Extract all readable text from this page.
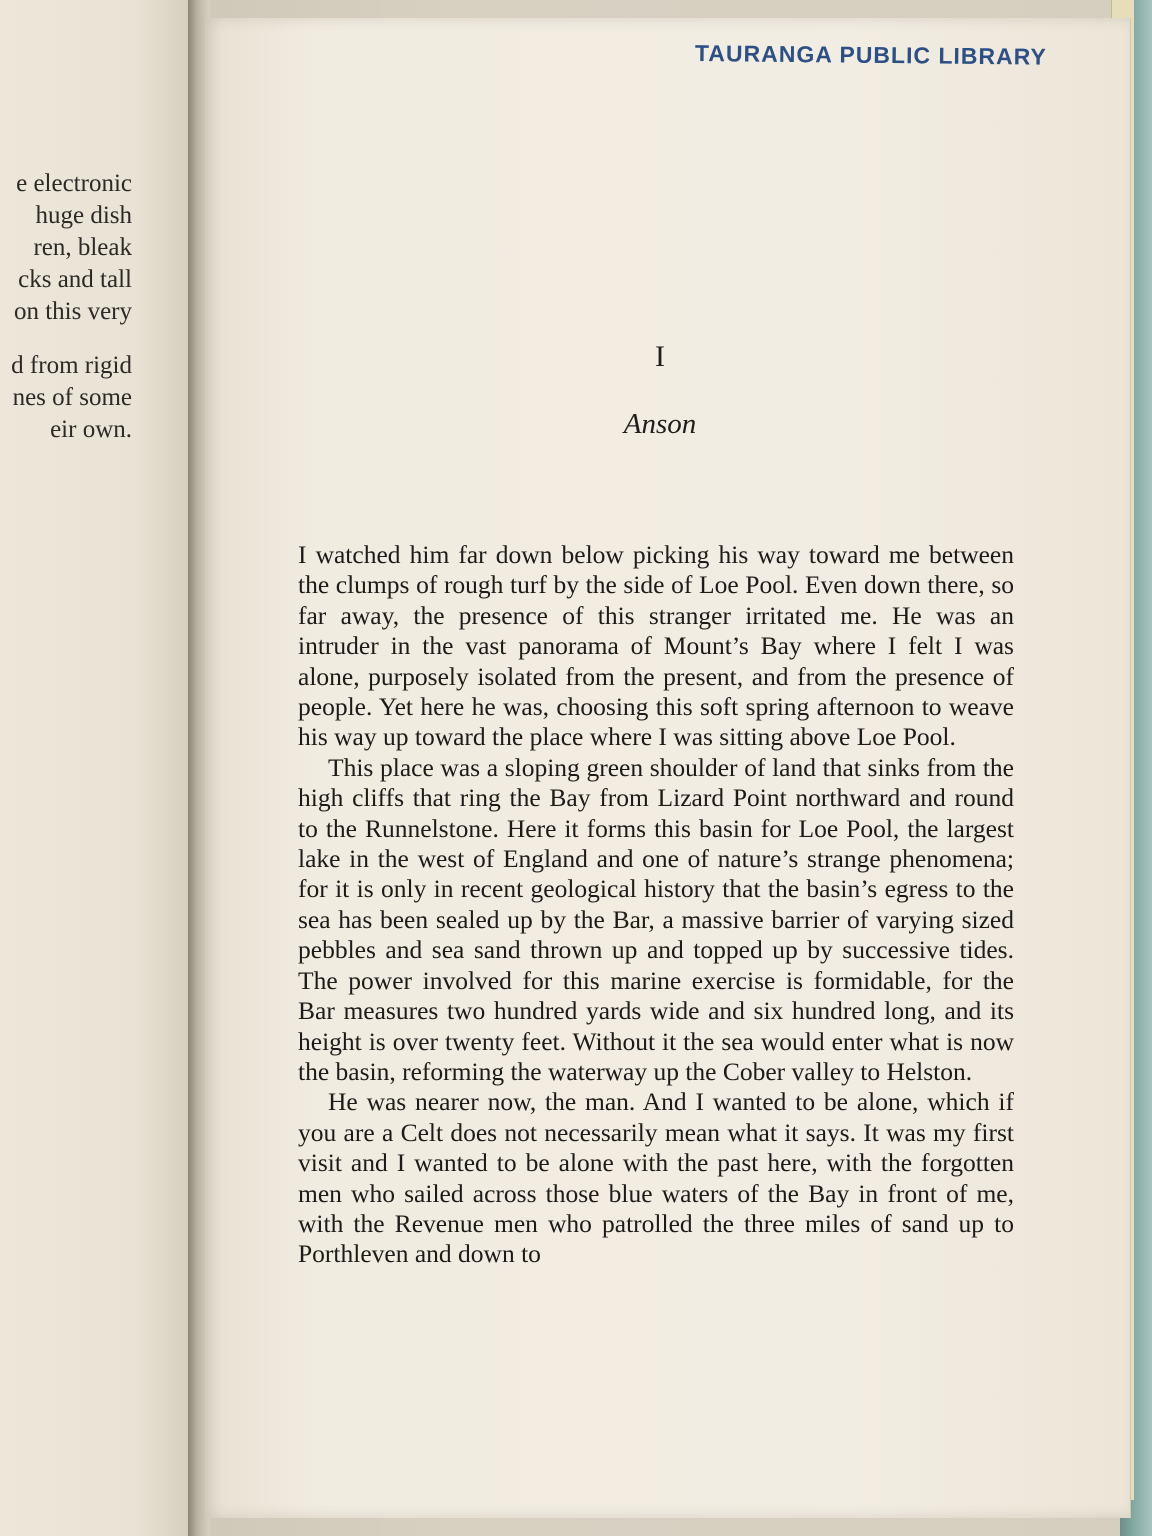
e electronic
huge dish
ren, bleak
cks and tall
on this very
d from rigid
nes of some
eir own.
TAURANGA PUBLIC LIBRARY
I
Anson

I watched him far down below picking his way toward me between the clumps of rough turf by the side of Loe Pool. Even down there, so far away, the presence of this stranger irritated me. He was an intruder in the vast panorama of Mount’s Bay where I felt I was alone, purposely isolated from the present, and from the presence of people. Yet here he was, choosing this soft spring afternoon to weave his way up toward the place where I was sitting above Loe Pool.

This place was a sloping green shoulder of land that sinks from the high cliffs that ring the Bay from Lizard Point northward and round to the Runnelstone. Here it forms this basin for Loe Pool, the largest lake in the west of England and one of nature’s strange phenomena; for it is only in recent geological history that the basin’s egress to the sea has been sealed up by the Bar, a massive barrier of varying sized pebbles and sea sand thrown up and topped up by successive tides. The power involved for this marine exercise is formidable, for the Bar measures two hundred yards wide and six hundred long, and its height is over twenty feet. Without it the sea would enter what is now the basin, reforming the waterway up the Cober valley to Helston.

He was nearer now, the man. And I wanted to be alone, which if you are a Celt does not necessarily mean what it says. It was my first visit and I wanted to be alone with the past here, with the forgotten men who sailed across those blue waters of the Bay in front of me, with the Revenue men who patrolled the three miles of sand up to Porthleven and down to
